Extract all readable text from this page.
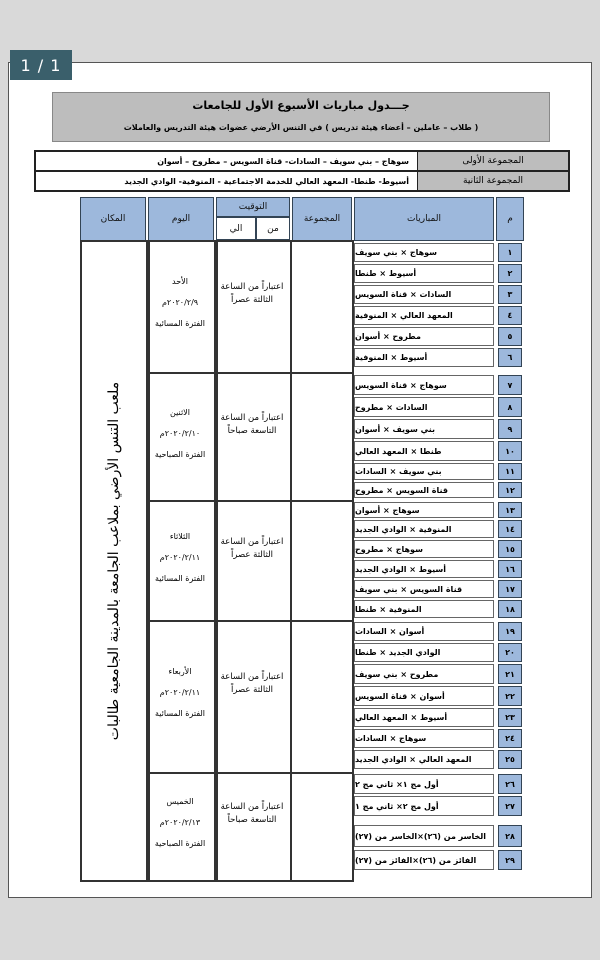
1 / 1
جـــدول مباريات الأسبوع الأول للجامعات
( طلاب – عاملين – أعضاء هيئة تدريس ) في التنس الأرضي عضوات هيئة التدريس والعاملات
المجموعة الأولى
سوهاج – بني سويف – السادات- قناة السويس – مطروح – أسوان
المجموعة الثانية
أسيوط- طنطا- المعهد العالي للخدمة الاجتماعية - المنوفية- الوادي الجديد
م
المباريات
المجموعة
التوقيت
من
الي
اليوم
المكان
١
سوهاج × بني سويف
٢
أسيوط × طنطا
٣
السادات × قناة السويس
٤
المعهد العالي × المنوفية
٥
مطروح × أسوان
٦
أسيوط × المنوفية
٧
سوهاج × قناة السويس
٨
السادات × مطروح
٩
بني سويف × أسوان
١٠
طنطا × المعهد العالي
١١
بني سويف × السادات
١٢
قناة السويس × مطروح
١٣
سوهاج × أسوان
١٤
المنوفية × الوادي الجديد
١٥
سوهاج × مطروح
١٦
أسيوط × الوادي الجديد
١٧
قناة السويس × بني سويف
١٨
المنوفية × طنطا
١٩
أسوان × السادات
٢٠
الوادي الجديد × طنطا
٢١
مطروح × بني سويف
٢٢
أسوان × قناة السويس
٢٣
أسيوط × المعهد العالي
٢٤
سوهاج × السادات
٢٥
المعهد العالي × الوادي الجديد
٢٦
أول مج ١× ثاني مج ٢
٢٧
أول مج ٢× ثاني مج ١
٢٨
الخاسر من (٢٦)×الخاسر من (٢٧)
٢٩
الفائز من (٢٦)×الفائز من (٢٧)
اعتباراً من الساعة الثالثة عصراً
الأحد
٢٠٢٠/٢/٩م
الفترة المسائية
اعتباراً من الساعة التاسعة صباحاً
الاثنين
٢٠٢٠/٢/١٠م
الفترة الصباحية
اعتباراً من الساعة الثالثة عصراً
الثلاثاء
٢٠٢٠/٢/١١م
الفترة المسائية
اعتباراً من الساعة الثالثة عصراً
الأربعاء
٢٠٢٠/٢/١١م
الفترة المسائية
اعتباراً من الساعة التاسعة صباحاً
الخميس
٢٠٢٠/٢/١٣م
الفترة الصباحية
ملعب التنس الأرضي بملاعب الجامعة بالمدينة الجامعية طالبات
